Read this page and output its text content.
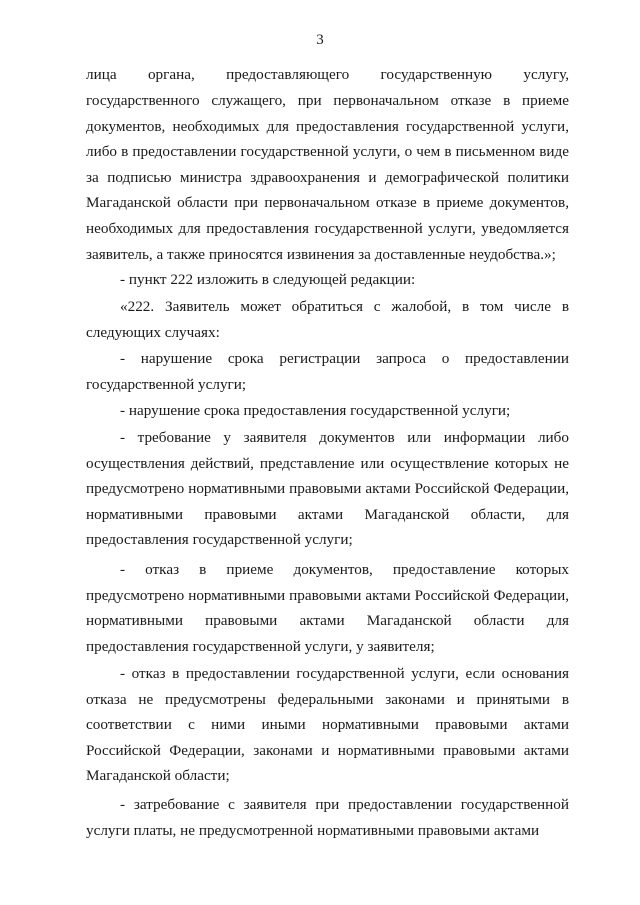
3
лица органа, предоставляющего государственную услугу,
государственного служащего, при первоначальном отказе в приеме документов, необходимых для предоставления государственной услуги, либо в предоставлении государственной услуги, о чем в письменном виде за подписью министра здравоохранения и демографической политики Магаданской области при первоначальном отказе в приеме документов, необходимых для предоставления государственной услуги, уведомляется заявитель, а также приносятся извинения за доставленные неудобства.»;
- пункт 222 изложить в следующей редакции:
«222. Заявитель может обратиться с жалобой, в том числе в следующих случаях:
- нарушение срока регистрации запроса о предоставлении государственной услуги;
- нарушение срока предоставления государственной услуги;
- требование у заявителя документов или информации либо осуществления действий, представление или осуществление которых не предусмотрено нормативными правовыми актами Российской Федерации, нормативными правовыми актами Магаданской области, для предоставления государственной услуги;
- отказ в приеме документов, предоставление которых предусмотрено нормативными правовыми актами Российской Федерации, нормативными правовыми актами Магаданской области для предоставления государственной услуги, у заявителя;
- отказ в предоставлении государственной услуги, если основания отказа не предусмотрены федеральными законами и принятыми в соответствии с ними иными нормативными правовыми актами Российской Федерации, законами и нормативными правовыми актами Магаданской области;
- затребование с заявителя при предоставлении государственной услуги платы, не предусмотренной нормативными правовыми актами
